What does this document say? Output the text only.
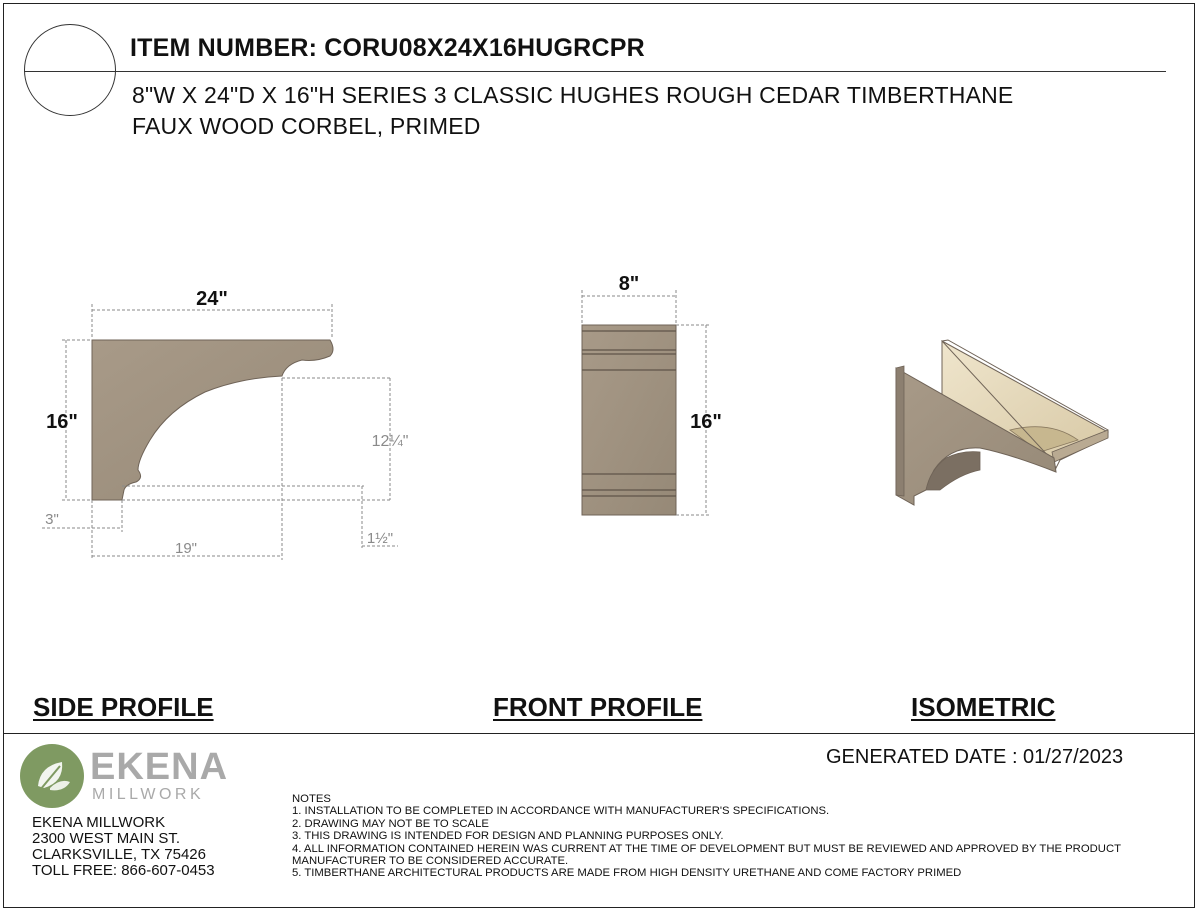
ITEM NUMBER: CORU08X24X16HUGRCPR
8"W X 24"D X 16"H SERIES 3 CLASSIC HUGHES ROUGH CEDAR TIMBERTHANE
FAUX WOOD CORBEL, PRIMED
24"
16"
12¼"
3"
19"
1½"
8"
16"
SIDE PROFILE	FRONT PROFILE	ISOMETRIC
GENERATED DATE : 01/27/2023
EKENA
MILLWORK
EKENA MILLWORK
2300 WEST MAIN ST.
CLARKSVILLE, TX 75426
TOLL FREE: 866-607-0453
NOTES
1. INSTALLATION TO BE COMPLETED IN ACCORDANCE WITH MANUFACTURER'S SPECIFICATIONS.
2. DRAWING MAY NOT BE TO SCALE
3. THIS DRAWING IS INTENDED FOR DESIGN AND PLANNING PURPOSES ONLY.
4. ALL INFORMATION CONTAINED HEREIN WAS CURRENT AT THE TIME OF DEVELOPMENT BUT MUST BE REVIEWED AND APPROVED BY THE PRODUCT MANUFACTURER TO BE CONSIDERED ACCURATE.
5. TIMBERTHANE ARCHITECTURAL PRODUCTS ARE MADE FROM HIGH DENSITY URETHANE AND COME FACTORY PRIMED
